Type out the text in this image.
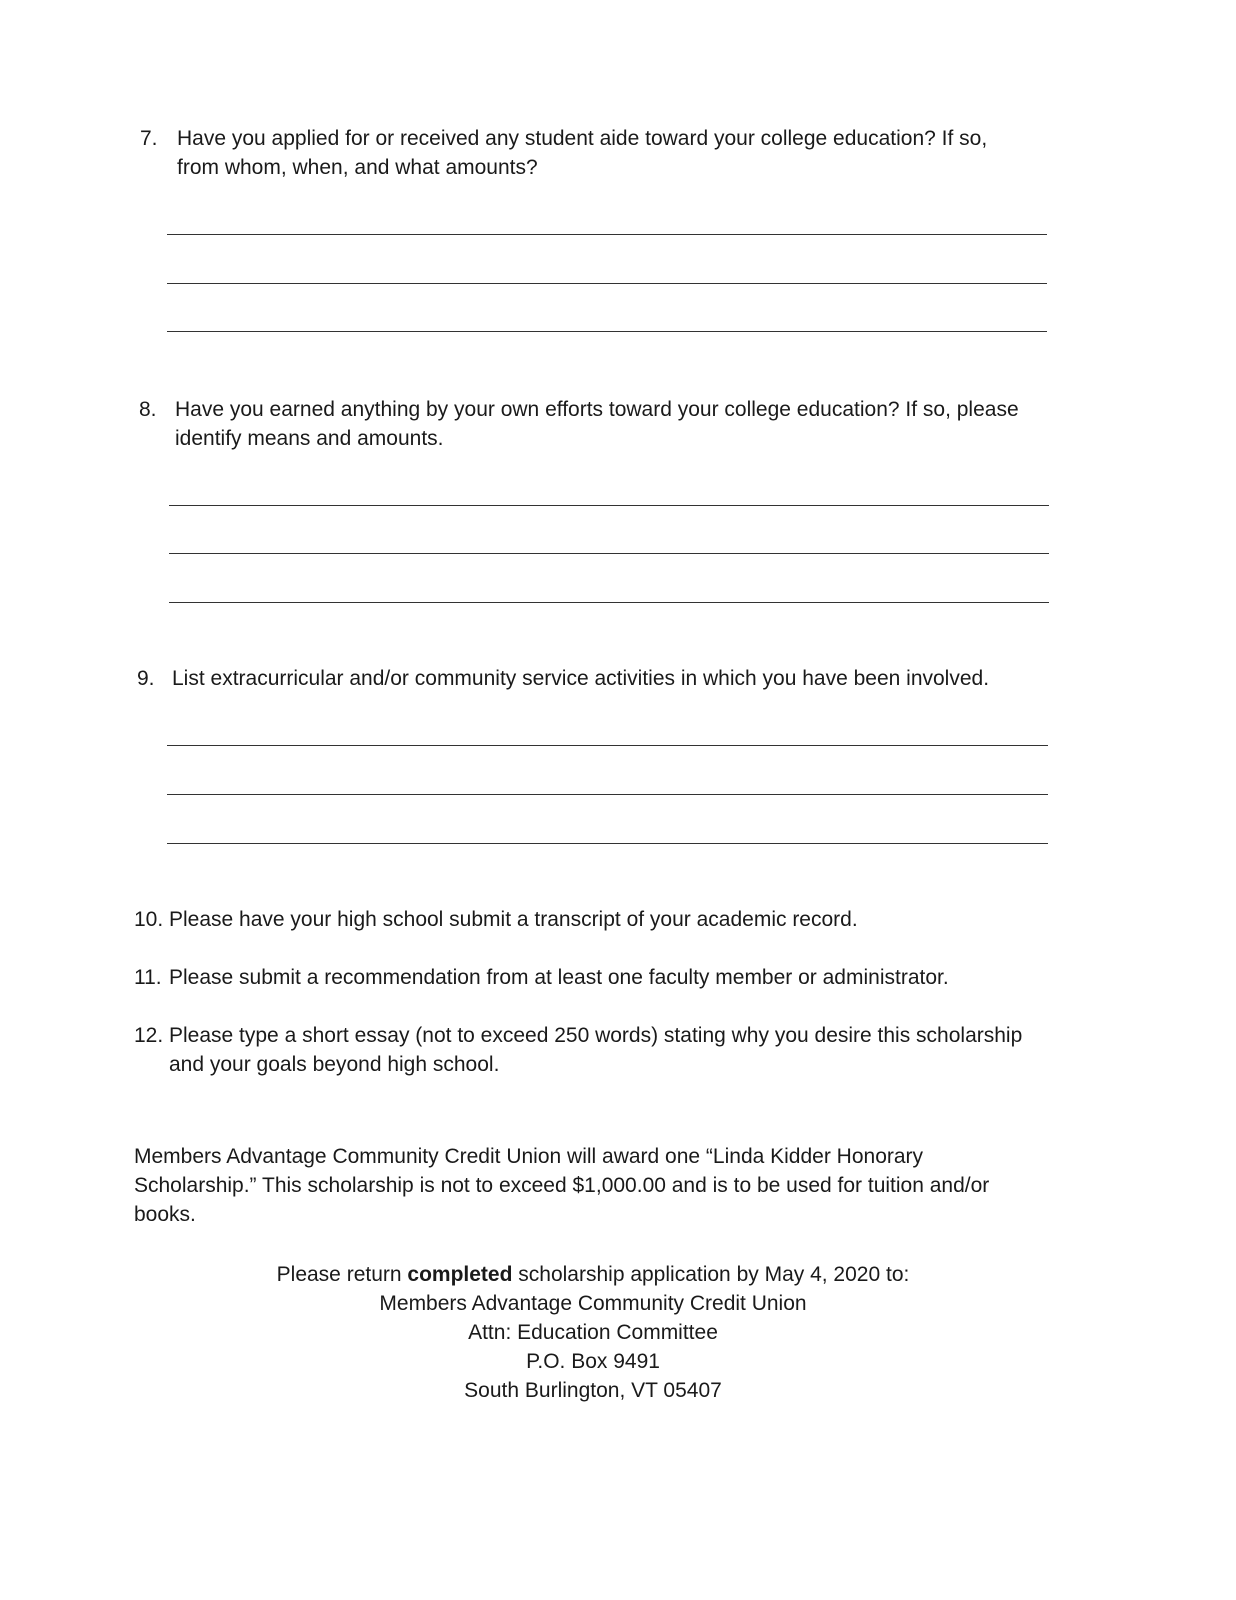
7. Have you applied for or received any student aide toward your college education? If so,
from whom, when, and what amounts?
8. Have you earned anything by your own efforts toward your college education? If so, please
identify means and amounts.
9. List extracurricular and/or community service activities in which you have been involved.
10. Please have your high school submit a transcript of your academic record.
11. Please submit a recommendation from at least one faculty member or administrator.
12. Please type a short essay (not to exceed 250 words) stating why you desire this scholarship
and your goals beyond high school.
Members Advantage Community Credit Union will award one “Linda Kidder Honorary
Scholarship.” This scholarship is not to exceed $1,000.00 and is to be used for tuition and/or
books.
Please return completed scholarship application by May 4, 2020 to:
Members Advantage Community Credit Union
Attn: Education Committee
P.O. Box 9491
South Burlington, VT 05407
